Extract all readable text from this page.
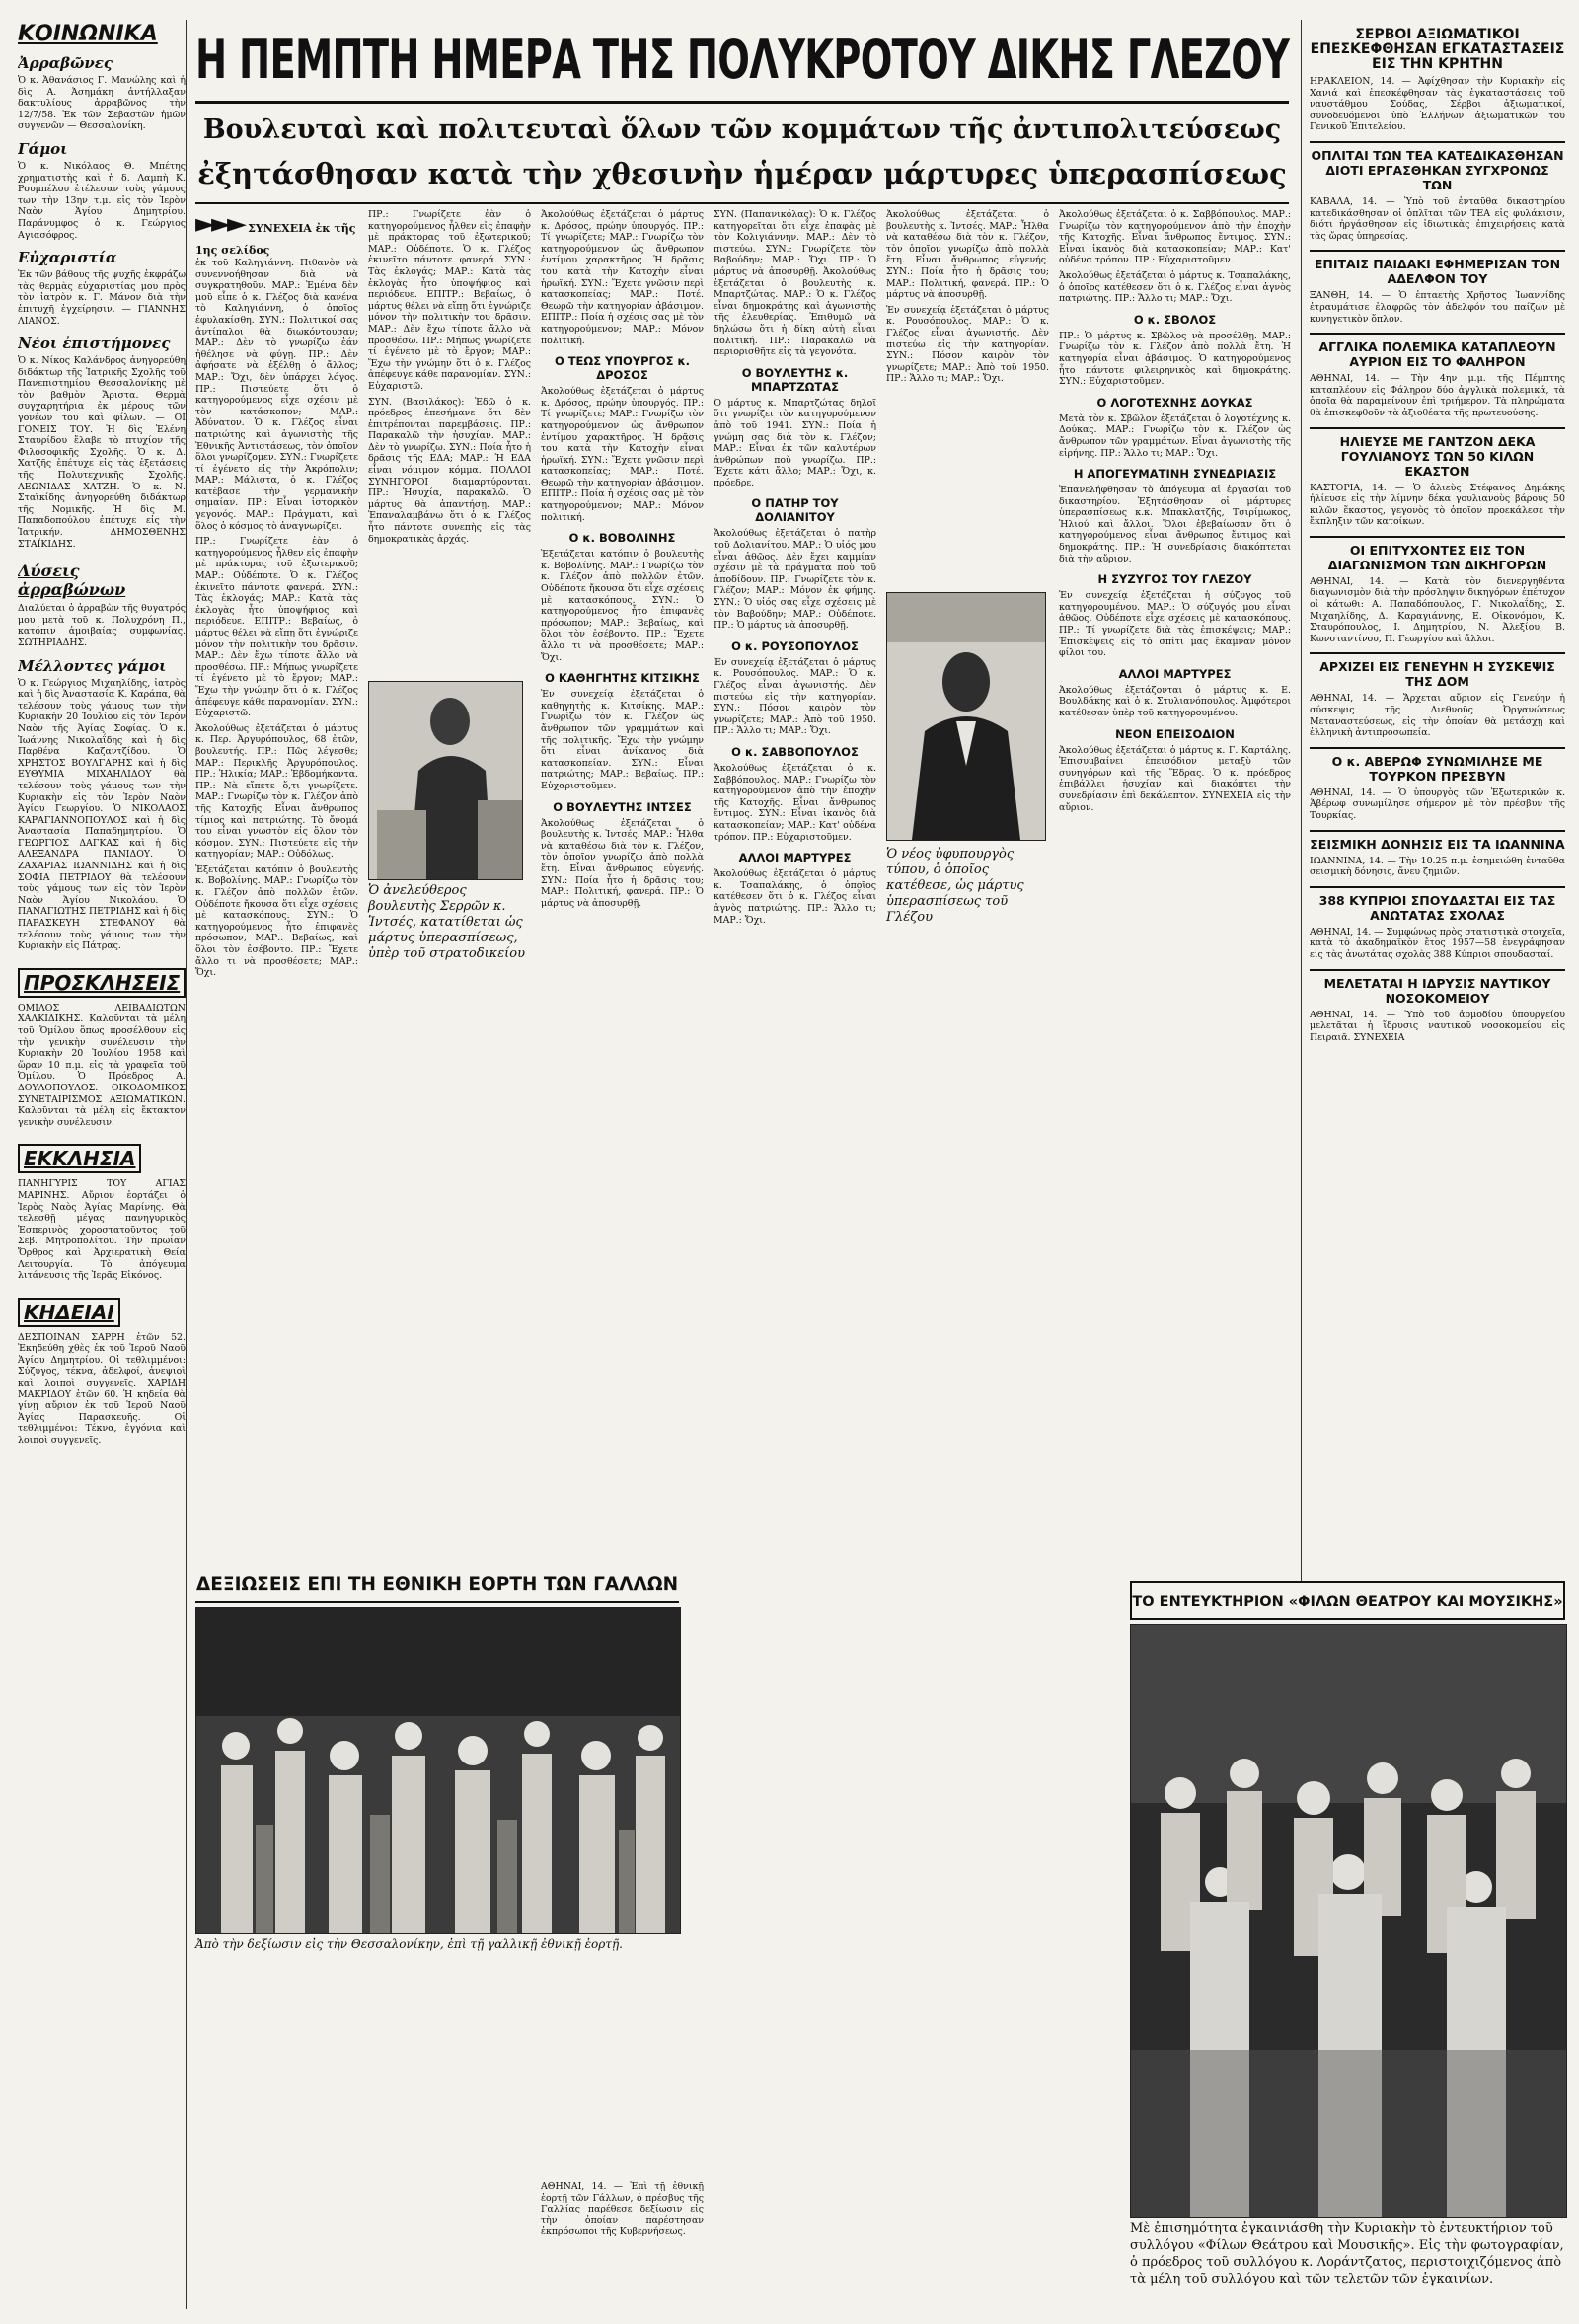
ΚΟΙΝΩΝΙΚΑ
Ἀρραβῶνες

Ὁ κ. Ἀθανάσιος Γ. Μανώλης καὶ ἡ δὶς Α. Ἀσημάκη ἀντήλλαξαν δακτυλίους ἀρραβῶνος τὴν 12/7/58. Ἐκ τῶν Σεβαστῶν ἡμῶν συγγενῶν — Θεσσαλονίκη.

Γάμοι

Ὁ κ. Νικόλαος Θ. Μπέτης χρηματιστὴς καὶ ἡ δ. Λαμπὴ Κ. Ρουμπέλου ἐτέλεσαν τοὺς γάμους των τὴν 13ην τ.μ. εἰς τὸν Ἱερὸν Ναὸν Ἁγίου Δημητρίου. Παράνυμφος ὁ κ. Γεώργιος Αγιασόφρος.

Εὐχαριστία

Ἐκ τῶν βάθους τῆς ψυχῆς ἐκφράζω τὰς θερμὰς εὐχαριστίας μου πρὸς τὸν ἰατρὸν κ. Γ. Μάνον διὰ τὴν ἐπιτυχῆ ἐγχείρησιν. — ΓΙΑΝΝΗΣ ΛΙΑΝΟΣ.

Νέοι ἐπιστήμονες

Ὁ κ. Νίκος Καλάνδρος ἀνηγορεύθη διδάκτωρ τῆς Ἰατρικῆς Σχολῆς τοῦ Πανεπιστημίου Θεσσαλονίκης μὲ τὸν βαθμὸν Ἄριστα. Θερμὰ συγχαρητήρια ἐκ μέρους τῶν γονέων του καὶ φίλων. — ΟΙ ΓΟΝΕΙΣ ΤΟΥ. Ἡ δὶς Ἐλένη Σταυρίδου ἔλαβε τὸ πτυχίον τῆς Φιλοσοφικῆς Σχολῆς. Ὁ κ. Δ. Χατζῆς ἐπέτυχε εἰς τὰς ἐξετάσεις τῆς Πολυτεχνικῆς Σχολῆς. ΛΕΩΝΙΔΑΣ ΧΑΤΖΗ. Ὁ κ. Ν. Σταϊκίδης ἀνηγορεύθη διδάκτωρ τῆς Νομικῆς. Ἡ δὶς Μ. Παπαδοπούλου ἐπέτυχε εἰς τὴν Ἰατρικήν. ΔΗΜΟΣΘΕΝΗΣ ΣΤΑΪΚΙΔΗΣ.

Λύσεις ἀρραβώνων

Διαλύεται ὁ ἀρραβὼν τῆς θυγατρός μου μετὰ τοῦ κ. Πολυχρόνη Π., κατόπιν ἀμοιβαίας συμφωνίας. ΣΩΤΗΡΙΑΔΗΣ.

Μέλλοντες γάμοι

Ὁ κ. Γεώργιος Μιχαηλίδης, ἰατρὸς καὶ ἡ δὶς Ἀναστασία Κ. Καράπα, θὰ τελέσουν τοὺς γάμους των τὴν Κυριακὴν 20 Ἰουλίου εἰς τὸν Ἱερὸν Ναὸν τῆς Ἁγίας Σοφίας. Ὁ κ. Ἰωάννης Νικολαΐδης καὶ ἡ δὶς Παρθένα Καζαντζίδου. Ὁ ΧΡΗΣΤΟΣ ΒΟΥΛΓΑΡΗΣ καὶ ἡ δὶς ΕΥΘΥΜΙΑ ΜΙΧΑΗΛΙΔΟΥ θὰ τελέσουν τοὺς γάμους των τὴν Κυριακὴν εἰς τὸν Ἱερὸν Ναὸν Ἁγίου Γεωργίου. Ὁ ΝΙΚΟΛΑΟΣ ΚΑΡΑΓΙΑΝΝΟΠΟΥΛΟΣ καὶ ἡ δὶς Ἀναστασία Παπαδημητρίου. Ὁ ΓΕΩΡΓΙΟΣ ΔΑΓΚΑΣ καὶ ἡ δὶς ΑΛΕΞΑΝΔΡΑ ΠΑΝΙΔΟΥ. Ὁ ΖΑΧΑΡΙΑΣ ΙΩΑΝΝΙΔΗΣ καὶ ἡ δὶς ΣΟΦΙΑ ΠΕΤΡΙΔΟΥ θὰ τελέσουν τοὺς γάμους των εἰς τὸν Ἱερὸν Ναὸν Ἁγίου Νικολάου. Ὁ ΠΑΝΑΓΙΩΤΗΣ ΠΕΤΡΙΔΗΣ καὶ ἡ δὶς ΠΑΡΑΣΚΕΥΗ ΣΤΕΦΑΝΟΥ θὰ τελέσουν τοὺς γάμους των τὴν Κυριακὴν εἰς Πάτρας.

ΠΡΟΣΚΛΗΣΕΙΣ

ΟΜΙΛΟΣ ΛΕΙΒΑΔΙΩΤΩΝ ΧΑΛΚΙΔΙΚΗΣ. Καλοῦνται τὰ μέλη τοῦ Ὁμίλου ὅπως προσέλθουν εἰς τὴν γενικὴν συνέλευσιν τὴν Κυριακὴν 20 Ἰουλίου 1958 καὶ ὥραν 10 π.μ. εἰς τὰ γραφεῖα τοῦ Ὁμίλου. Ὁ Πρόεδρος Α. ΔΟΥΛΟΠΟΥΛΟΣ. ΟΙΚΟΔΟΜΙΚΟΣ ΣΥΝΕΤΑΙΡΙΣΜΟΣ ΑΞΙΩΜΑΤΙΚΩΝ. Καλοῦνται τὰ μέλη εἰς ἔκτακτον γενικὴν συνέλευσιν.

ΕΚΚΛΗΣΙΑ

ΠΑΝΗΓΥΡΙΣ ΤΟΥ ΑΓΙΑΣ ΜΑΡΙΝΗΣ. Αὔριον ἑορτάζει ὁ Ἱερὸς Ναὸς Ἁγίας Μαρίνης. Θὰ τελεσθῇ μέγας πανηγυρικὸς Ἑσπερινὸς χοροστατοῦντος τοῦ Σεβ. Μητροπολίτου. Τὴν πρωΐαν Ὄρθρος καὶ Ἀρχιερατικὴ Θεία Λειτουργία. Τὸ ἀπόγευμα λιτάνευσις τῆς Ἱερᾶς Εἰκόνος.

ΚΗΔΕΙΑΙ

ΔΕΣΠΟΙΝΑΝ ΣΑΡΡΗ ἐτῶν 52. Ἐκηδεύθη χθὲς ἐκ τοῦ Ἱεροῦ Ναοῦ Ἁγίου Δημητρίου. Οἱ τεθλιμμένοι: Σύζυγος, τέκνα, ἀδελφοί, ἀνεψιοὶ καὶ λοιποὶ συγγενεῖς. ΧΑΡΙΔΗ ΜΑΚΡΙΔΟΥ ἐτῶν 60. Ἡ κηδεία θὰ γίνῃ αὔριον ἐκ τοῦ Ἱεροῦ Ναοῦ Ἁγίας Παρασκευῆς. Οἱ τεθλιμμένοι: Τέκνα, ἐγγόνια καὶ λοιποὶ συγγενεῖς.

Η ΠΕΜΠΤΗ ΗΜΕΡΑ ΤΗΣ ΠΟΛΥΚΡΟΤΟΥ ΔΙΚΗΣ ΓΛΕΖΟΥ
Βουλευταὶ καὶ πολιτευταὶ ὅλων τῶν κομμάτων τῆς ἀντιπολιτεύσεως
ἐξητάσθησαν κατὰ τὴν χθεσινὴν ἡμέραν μάρτυρες ὑπερασπίσεως
►►► ΣΥΝΕΧΕΙΑ ἐκ τῆς 1ης σελίδος

ἐκ τοῦ Καληγιάννη. Πιθανὸν νὰ συνεννοήθησαν διὰ νὰ συγκρατηθοῦν. ΜΑΡ.: Ἐμένα δὲν μοῦ εἶπε ὁ κ. Γλέζος διὰ κανένα τὸ Καληγιάννη, ὁ ὁποῖος ἐφυλακίσθη. ΣΥΝ.: Πολιτικοί σας ἀντίπαλοι θὰ διωκόντουσαν; ΜΑΡ.: Δὲν τὸ γνωρίζω ἐάν ἠθέλησε νὰ φύγῃ. ΠΡ.: Δὲν ἀφήσατε νὰ ἐξέλθῃ ὁ ἄλλος; ΜΑΡ.: Ὄχι, δὲν ὑπάρχει λόγος. ΠΡ.: Πιστεύετε ὅτι ὁ κατηγορούμενος εἶχε σχέσιν μὲ τὸν κατάσκοπον; ΜΑΡ.: Ἀδύνατον. Ὁ κ. Γλέζος εἶναι πατριώτης καὶ ἀγωνιστὴς τῆς Ἐθνικῆς Ἀντιστάσεως, τὸν ὁποῖον ὅλοι γνωρίζομεν. ΣΥΝ.: Γνωρίζετε τί ἐγένετο εἰς τὴν Ἀκρόπολιν; ΜΑΡ.: Μάλιστα, ὁ κ. Γλέζος κατέβασε τὴν γερμανικὴν σημαίαν. ΠΡ.: Εἶναι ἱστορικὸν γεγονός. ΜΑΡ.: Πράγματι, καὶ ὅλος ὁ κόσμος τὸ ἀναγνωρίζει.

ΠΡ.: Γνωρίζετε ἐὰν ὁ κατηγορούμενος ἦλθεν εἰς ἐπαφὴν μὲ πράκτορας τοῦ ἐξωτερικοῦ; ΜΑΡ.: Οὐδέποτε. Ὁ κ. Γλέζος ἐκινεῖτο πάντοτε φανερά. ΣΥΝ.: Τὰς ἐκλογάς; ΜΑΡ.: Κατὰ τὰς ἐκλογὰς ἦτο ὑποψήφιος καὶ περιόδευε. ΕΠΙΤΡ.: Βεβαίως, ὁ μάρτυς θέλει νὰ εἴπῃ ὅτι ἐγνώριζε μόνον τὴν πολιτικὴν του δρᾶσιν. ΜΑΡ.: Δὲν ἔχω τίποτε ἄλλο νὰ προσθέσω. ΠΡ.: Μήπως γνωρίζετε τί ἐγένετο μὲ τὸ ἔργον; ΜΑΡ.: Ἔχω τὴν γνώμην ὅτι ὁ κ. Γλέζος ἀπέφευγε κάθε παρανομίαν. ΣΥΝ.: Εὐχαριστῶ.

Ἀκολούθως ἐξετάζεται ὁ μάρτυς κ. Περ. Ἀργυρόπουλος, 68 ἐτῶν, βουλευτής. ΠΡ.: Πῶς λέγεσθε; ΜΑΡ.: Περικλῆς Ἀργυρόπουλος. ΠΡ.: Ἡλικία; ΜΑΡ.: Ἑβδομήκοντα. ΠΡ.: Νὰ εἴπετε ὅ,τι γνωρίζετε. ΜΑΡ.: Γνωρίζω τὸν κ. Γλέζον ἀπὸ τῆς Κατοχῆς. Εἶναι ἄνθρωπος τίμιος καὶ πατριώτης. Τὸ ὄνομά του εἶναι γνωστὸν εἰς ὅλον τὸν κόσμον. ΣΥΝ.: Πιστεύετε εἰς τὴν κατηγορίαν; ΜΑΡ.: Οὐδόλως.

Ἐξετάζεται κατόπιν ὁ βουλευτὴς κ. Βοβολίνης. ΜΑΡ.: Γνωρίζω τὸν κ. Γλέζον ἀπὸ πολλῶν ἐτῶν. Οὐδέποτε ἤκουσα ὅτι εἶχε σχέσεις μὲ κατασκόπους. ΣΥΝ.: Ὁ κατηγορούμενος ἦτο ἐπιφανὲς πρόσωπον; ΜΑΡ.: Βεβαίως, καὶ ὅλοι τὸν ἐσέβοντο. ΠΡ.: Ἔχετε ἄλλο τι νὰ προσθέσετε; ΜΑΡ.: Ὄχι.

ΠΡ.: Γνωρίζετε ἐὰν ὁ κατηγορούμενος ἦλθεν εἰς ἐπαφὴν μὲ πράκτορας τοῦ ἐξωτερικοῦ; ΜΑΡ.: Οὐδέποτε. Ὁ κ. Γλέζος ἐκινεῖτο πάντοτε φανερά. ΣΥΝ.: Τὰς ἐκλογάς; ΜΑΡ.: Κατὰ τὰς ἐκλογὰς ἦτο ὑποψήφιος καὶ περιόδευε. ΕΠΙΤΡ.: Βεβαίως, ὁ μάρτυς θέλει νὰ εἴπῃ ὅτι ἐγνώριζε μόνον τὴν πολιτικὴν του δρᾶσιν. ΜΑΡ.: Δὲν ἔχω τίποτε ἄλλο νὰ προσθέσω. ΠΡ.: Μήπως γνωρίζετε τί ἐγένετο μὲ τὸ ἔργον; ΜΑΡ.: Ἔχω τὴν γνώμην ὅτι ὁ κ. Γλέζος ἀπέφευγε κάθε παρανομίαν. ΣΥΝ.: Εὐχαριστῶ.

ΣΥΝ. (Βασιλάκος): Ἐδῶ ὁ κ. πρόεδρος ἐπεσήμανε ὅτι δὲν ἐπιτρέπονται παρεμβάσεις. ΠΡ.: Παρακαλῶ τὴν ἡσυχίαν. ΜΑΡ.: Δὲν τὸ γνωρίζω. ΣΥΝ.: Ποία ἦτο ἡ δρᾶσις τῆς ΕΔΑ; ΜΑΡ.: Ἡ ΕΔΑ εἶναι νόμιμον κόμμα. ΠΟΛΛΟΙ ΣΥΝΗΓΟΡΟΙ διαμαρτύρονται. ΠΡ.: Ἡσυχία, παρακαλῶ. Ὁ μάρτυς θὰ ἀπαντήσῃ. ΜΑΡ.: Ἐπαναλαμβάνω ὅτι ὁ κ. Γλέζος ἦτο πάντοτε συνεπὴς εἰς τὰς δημοκρατικὰς ἀρχάς.

Ἀκολούθως ἐξετάζεται ὁ μάρτυς κ. Δρόσος, πρώην ὑπουργός. ΠΡ.: Τί γνωρίζετε; ΜΑΡ.: Γνωρίζω τὸν κατηγορούμενον ὡς ἄνθρωπον ἐντίμου χαρακτῆρος. Ἡ δρᾶσις του κατὰ τὴν Κατοχὴν εἶναι ἡρωϊκή. ΣΥΝ.: Ἔχετε γνῶσιν περὶ κατασκοπείας; ΜΑΡ.: Ποτέ. Θεωρῶ τὴν κατηγορίαν ἀβάσιμον. ΕΠΙΤΡ.: Ποία ἡ σχέσις σας μὲ τὸν κατηγορούμενον; ΜΑΡ.: Μόνον πολιτική.

Ο ΤΕΩΣ ΥΠΟΥΡΓΟΣ κ. ΔΡΟΣΟΣ

Ἀκολούθως ἐξετάζεται ὁ μάρτυς κ. Δρόσος, πρώην ὑπουργός. ΠΡ.: Τί γνωρίζετε; ΜΑΡ.: Γνωρίζω τὸν κατηγορούμενον ὡς ἄνθρωπον ἐντίμου χαρακτῆρος. Ἡ δρᾶσις του κατὰ τὴν Κατοχὴν εἶναι ἡρωϊκή. ΣΥΝ.: Ἔχετε γνῶσιν περὶ κατασκοπείας; ΜΑΡ.: Ποτέ. Θεωρῶ τὴν κατηγορίαν ἀβάσιμον. ΕΠΙΤΡ.: Ποία ἡ σχέσις σας μὲ τὸν κατηγορούμενον; ΜΑΡ.: Μόνον πολιτική.

Ο κ. ΒΟΒΟΛΙΝΗΣ

Ἐξετάζεται κατόπιν ὁ βουλευτὴς κ. Βοβολίνης. ΜΑΡ.: Γνωρίζω τὸν κ. Γλέζον ἀπὸ πολλῶν ἐτῶν. Οὐδέποτε ἤκουσα ὅτι εἶχε σχέσεις μὲ κατασκόπους. ΣΥΝ.: Ὁ κατηγορούμενος ἦτο ἐπιφανὲς πρόσωπον; ΜΑΡ.: Βεβαίως, καὶ ὅλοι τὸν ἐσέβοντο. ΠΡ.: Ἔχετε ἄλλο τι νὰ προσθέσετε; ΜΑΡ.: Ὄχι.

Ο ΚΑΘΗΓΗΤΗΣ ΚΙΤΣΙΚΗΣ

Ἐν συνεχείᾳ ἐξετάζεται ὁ καθηγητὴς κ. Κιτσίκης. ΜΑΡ.: Γνωρίζω τὸν κ. Γλέζον ὡς ἄνθρωπον τῶν γραμμάτων καὶ τῆς πολιτικῆς. Ἔχω τὴν γνώμην ὅτι εἶναι ἀνίκανος διὰ κατασκοπείαν. ΣΥΝ.: Εἶναι πατριώτης; ΜΑΡ.: Βεβαίως. ΠΡ.: Εὐχαριστοῦμεν.

Ο ΒΟΥΛΕΥΤΗΣ ΙΝΤΣΕΣ

Ἀκολούθως ἐξετάζεται ὁ βουλευτὴς κ. Ἰντσές. ΜΑΡ.: Ἦλθα νὰ καταθέσω διὰ τὸν κ. Γλέζον, τὸν ὁποῖον γνωρίζω ἀπὸ πολλὰ ἔτη. Εἶναι ἄνθρωπος εὐγενής. ΣΥΝ.: Ποία ἦτο ἡ δρᾶσις του; ΜΑΡ.: Πολιτική, φανερά. ΠΡ.: Ὁ μάρτυς νὰ ἀποσυρθῇ.

ΣΥΝ. (Παπανικόλας): Ὁ κ. Γλέζος κατηγορεῖται ὅτι εἶχε ἐπαφὰς μὲ τὸν Κολιγιάννην. ΜΑΡ.: Δὲν τὸ πιστεύω. ΣΥΝ.: Γνωρίζετε τὸν Βαβούδην; ΜΑΡ.: Ὄχι. ΠΡ.: Ὁ μάρτυς νὰ ἀποσυρθῇ. Ἀκολούθως ἐξετάζεται ὁ βουλευτὴς κ. Μπαρτζώτας. ΜΑΡ.: Ὁ κ. Γλέζος εἶναι δημοκράτης καὶ ἀγωνιστὴς τῆς ἐλευθερίας. Ἐπιθυμῶ νὰ δηλώσω ὅτι ἡ δίκη αὐτὴ εἶναι πολιτική. ΠΡ.: Παρακαλῶ νὰ περιορισθῆτε εἰς τὰ γεγονότα.

Ο ΒΟΥΛΕΥΤΗΣ κ. ΜΠΑΡΤΖΩΤΑΣ

Ὁ μάρτυς κ. Μπαρτζώτας δηλοῖ ὅτι γνωρίζει τὸν κατηγορούμενον ἀπὸ τοῦ 1941. ΣΥΝ.: Ποία ἡ γνώμη σας διὰ τὸν κ. Γλέζον; ΜΑΡ.: Εἶναι ἐκ τῶν καλυτέρων ἀνθρώπων ποὺ γνωρίζω. ΠΡ.: Ἔχετε κάτι ἄλλο; ΜΑΡ.: Ὄχι, κ. πρόεδρε.

Ο ΠΑΤΗΡ ΤΟΥ ΔΟΛΙΑΝΙΤΟΥ

Ἀκολούθως ἐξετάζεται ὁ πατὴρ τοῦ Δολιανίτου. ΜΑΡ.: Ὁ υἱός μου εἶναι ἀθῶος. Δὲν ἔχει καμμίαν σχέσιν μὲ τὰ πράγματα ποὺ τοῦ ἀποδίδουν. ΠΡ.: Γνωρίζετε τὸν κ. Γλέζον; ΜΑΡ.: Μόνον ἐκ φήμης. ΣΥΝ.: Ὁ υἱός σας εἶχε σχέσεις μὲ τὸν Βαβούδην; ΜΑΡ.: Οὐδέποτε. ΠΡ.: Ὁ μάρτυς νὰ ἀποσυρθῇ.

Ο κ. ΡΟΥΣΟΠΟΥΛΟΣ

Ἐν συνεχείᾳ ἐξετάζεται ὁ μάρτυς κ. Ρουσόπουλος. ΜΑΡ.: Ὁ κ. Γλέζος εἶναι ἀγωνιστής. Δὲν πιστεύω εἰς τὴν κατηγορίαν. ΣΥΝ.: Πόσον καιρὸν τὸν γνωρίζετε; ΜΑΡ.: Ἀπὸ τοῦ 1950. ΠΡ.: Ἄλλο τι; ΜΑΡ.: Ὄχι.

Ο κ. ΣΑΒΒΟΠΟΥΛΟΣ

Ἀκολούθως ἐξετάζεται ὁ κ. Σαββόπουλος. ΜΑΡ.: Γνωρίζω τὸν κατηγορούμενον ἀπὸ τὴν ἐποχὴν τῆς Κατοχῆς. Εἶναι ἄνθρωπος ἔντιμος. ΣΥΝ.: Εἶναι ἱκανὸς διὰ κατασκοπείαν; ΜΑΡ.: Κατ' οὐδένα τρόπον. ΠΡ.: Εὐχαριστοῦμεν.

ΑΛΛΟΙ ΜΑΡΤΥΡΕΣ

Ἀκολούθως ἐξετάζεται ὁ μάρτυς κ. Τσαπαλάκης, ὁ ὁποῖος κατέθεσεν ὅτι ὁ κ. Γλέζος εἶναι ἀγνὸς πατριώτης. ΠΡ.: Ἄλλο τι; ΜΑΡ.: Ὄχι.

Ἀκολούθως ἐξετάζεται ὁ βουλευτὴς κ. Ἰντσές. ΜΑΡ.: Ἦλθα νὰ καταθέσω διὰ τὸν κ. Γλέζον, τὸν ὁποῖον γνωρίζω ἀπὸ πολλὰ ἔτη. Εἶναι ἄνθρωπος εὐγενής. ΣΥΝ.: Ποία ἦτο ἡ δρᾶσις του; ΜΑΡ.: Πολιτική, φανερά. ΠΡ.: Ὁ μάρτυς νὰ ἀποσυρθῇ.

Ἐν συνεχείᾳ ἐξετάζεται ὁ μάρτυς κ. Ρουσόπουλος. ΜΑΡ.: Ὁ κ. Γλέζος εἶναι ἀγωνιστής. Δὲν πιστεύω εἰς τὴν κατηγορίαν. ΣΥΝ.: Πόσον καιρὸν τὸν γνωρίζετε; ΜΑΡ.: Ἀπὸ τοῦ 1950. ΠΡ.: Ἄλλο τι; ΜΑΡ.: Ὄχι.

Ἀκολούθως ἐξετάζεται ὁ κ. Σαββόπουλος. ΜΑΡ.: Γνωρίζω τὸν κατηγορούμενον ἀπὸ τὴν ἐποχὴν τῆς Κατοχῆς. Εἶναι ἄνθρωπος ἔντιμος. ΣΥΝ.: Εἶναι ἱκανὸς διὰ κατασκοπείαν; ΜΑΡ.: Κατ' οὐδένα τρόπον. ΠΡ.: Εὐχαριστοῦμεν.

Ἀκολούθως ἐξετάζεται ὁ μάρτυς κ. Τσαπαλάκης, ὁ ὁποῖος κατέθεσεν ὅτι ὁ κ. Γλέζος εἶναι ἀγνὸς πατριώτης. ΠΡ.: Ἄλλο τι; ΜΑΡ.: Ὄχι.

Ο κ. ΣΒΟΛΟΣ

ΠΡ.: Ὁ μάρτυς κ. Σβῶλος νὰ προσέλθῃ. ΜΑΡ.: Γνωρίζω τὸν κ. Γλέζον ἀπὸ πολλὰ ἔτη. Ἡ κατηγορία εἶναι ἀβάσιμος. Ὁ κατηγορούμενος ἦτο πάντοτε φιλειρηνικὸς καὶ δημοκράτης. ΣΥΝ.: Εὐχαριστοῦμεν.

Ο ΛΟΓΟΤΕΧΝΗΣ ΔΟΥΚΑΣ

Μετὰ τὸν κ. Σβῶλον ἐξετάζεται ὁ λογοτέχνης κ. Δούκας. ΜΑΡ.: Γνωρίζω τὸν κ. Γλέζον ὡς ἄνθρωπον τῶν γραμμάτων. Εἶναι ἀγωνιστὴς τῆς εἰρήνης. ΠΡ.: Ἄλλο τι; ΜΑΡ.: Ὄχι.

Η ΑΠΟΓΕΥΜΑΤΙΝΗ ΣΥΝΕΔΡΙΑΣΙΣ

Ἐπανελήφθησαν τὸ ἀπόγευμα αἱ ἐργασίαι τοῦ δικαστηρίου. Ἐξητάσθησαν οἱ μάρτυρες ὑπερασπίσεως κ.κ. Μπακλατζῆς, Τσιρίμωκος, Ἠλιού καὶ ἄλλοι. Ὅλοι ἐβεβαίωσαν ὅτι ὁ κατηγορούμενος εἶναι ἄνθρωπος ἔντιμος καὶ δημοκράτης. ΠΡ.: Ἡ συνεδρίασις διακόπτεται διὰ τὴν αὔριον.

Η ΣΥΖΥΓΟΣ ΤΟΥ ΓΛΕΖΟΥ

Ἐν συνεχείᾳ ἐξετάζεται ἡ σύζυγος τοῦ κατηγορουμένου. ΜΑΡ.: Ὁ σύζυγός μου εἶναι ἀθῶος. Οὐδέποτε εἶχε σχέσεις μὲ κατασκόπους. ΠΡ.: Τί γνωρίζετε διὰ τὰς ἐπισκέψεις; ΜΑΡ.: Ἐπισκέψεις εἰς τὸ σπίτι μας ἔκαμναν μόνον φίλοι του.

ΑΛΛΟΙ ΜΑΡΤΥΡΕΣ

Ἀκολούθως ἐξετάζονται ὁ μάρτυς κ. Ε. Βουλδάκης καὶ ὁ κ. Στυλιανόπουλος. Ἀμφότεροι κατέθεσαν ὑπὲρ τοῦ κατηγορουμένου.

ΝΕΟΝ ΕΠΕΙΣΟΔΙΟΝ

Ἀκολούθως ἐξετάζεται ὁ μάρτυς κ. Γ. Καρτάλης. Ἐπισυμβαίνει ἐπεισόδιον μεταξὺ τῶν συνηγόρων καὶ τῆς Ἕδρας. Ὁ κ. πρόεδρος ἐπιβάλλει ἡσυχίαν καὶ διακόπτει τὴν συνεδρίασιν ἐπὶ δεκάλεπτον. ΣΥΝΕΧΕΙΑ εἰς τὴν αὔριον.

Ὁ ἀνελεύθερος βουλευτὴς Σερρῶν κ. Ἰντσές, κατατίθεται ὡς μάρτυς ὑπερασπίσεως, ὑπὲρ τοῦ στρατοδικείου
Ὁ νέος ὑφυπουργὸς τύπου, ὁ ὁποῖος κατέθεσε, ὡς μάρτυς ὑπερασπίσεως τοῦ Γλέζου
ΔΕΞΙΩΣΕΙΣ ΕΠΙ ΤΗ ΕΘΝΙΚΗ ΕΟΡΤΗ ΤΩΝ ΓΑΛΛΩΝ
Ἀπὸ τὴν δεξίωσιν εἰς τὴν Θεσσαλονίκην, ἐπὶ τῇ γαλλικῇ ἐθνικῇ ἑορτῇ.

ΑΘΗΝΑΙ, 14. — Ἐπὶ τῇ ἐθνικῇ ἑορτῇ τῶν Γάλλων, ὁ πρέσβυς τῆς Γαλλίας παρέθεσε δεξίωσιν εἰς τὴν ὁποίαν παρέστησαν ἐκπρόσωποι τῆς Κυβερνήσεως.

ΣΕΡΒΟΙ ΑΞΙΩΜΑΤΙΚΟΙ ΕΠΕΣΚΕΦΘΗΣΑΝ ΕΓΚΑΤΑΣΤΑΣΕΙΣ ΕΙΣ ΤΗΝ ΚΡΗΤΗΝ

ΗΡΑΚΛΕΙΟΝ, 14. — Ἀφίχθησαν τὴν Κυριακὴν εἰς Χανιά καὶ ἐπεσκέφθησαν τὰς ἐγκαταστάσεις τοῦ ναυστάθμου Σούδας, Σέρβοι ἀξιωματικοί, συνοδευόμενοι ὑπὸ Ἑλλήνων ἀξιωματικῶν τοῦ Γενικοῦ Ἐπιτελείου.

ΟΠΛΙΤΑΙ ΤΩΝ ΤΕΑ ΚΑΤΕΔΙΚΑΣΘΗΣΑΝ ΔΙΟΤΙ ΕΡΓΑΣΘΗΚΑΝ ΣΥΓΧΡΟΝΩΣ ΤΩΝ

ΚΑΒΑΛΑ, 14. — Ὑπὸ τοῦ ἐνταῦθα δικαστηρίου κατεδικάσθησαν οἱ ὁπλῖται τῶν ΤΕΑ εἰς φυλάκισιν, διότι ἠργάσθησαν εἰς ἰδιωτικὰς ἐπιχειρήσεις κατὰ τὰς ὥρας ὑπηρεσίας.

ΕΠΙΤΑΙΣ ΠΑΙΔΑΚΙ ΕΦΗΜΕΡΙΣΑΝ ΤΟΝ ΑΔΕΛΦΟΝ ΤΟΥ

ΞΑΝΘΗ, 14. — Ὁ ἑπταετὴς Χρῆστος Ἰωαννίδης ἐτραυμάτισε ἐλαφρῶς τὸν ἀδελφόν του παίζων μὲ κυνηγετικὸν ὅπλον.

ΑΓΓΛΙΚΑ ΠΟΛΕΜΙΚΑ ΚΑΤΑΠΛΕΟΥΝ ΑΥΡΙΟΝ ΕΙΣ ΤΟ ΦΑΛΗΡΟΝ

ΑΘΗΝΑΙ, 14. — Τὴν 4ην μ.μ. τῆς Πέμπτης καταπλέουν εἰς Φάληρον δύο ἀγγλικὰ πολεμικά, τὰ ὁποῖα θὰ παραμείνουν ἐπὶ τριήμερον. Τὰ πληρώματα θὰ ἐπισκεφθοῦν τὰ ἀξιοθέατα τῆς πρωτευούσης.

ΗΛΙΕΥΣΕ ΜΕ ΓΑΝΤΖΟΝ ΔΕΚΑ ΓΟΥΛΙΑΝΟΥΣ ΤΩΝ 50 ΚΙΛΩΝ ΕΚΑΣΤΟΝ

ΚΑΣΤΟΡΙΑ, 14. — Ὁ ἁλιεὺς Στέφανος Δημάκης ἠλίευσε εἰς τὴν λίμνην δέκα γουλιανοὺς βάρους 50 κιλῶν ἕκαστος, γεγονὸς τὸ ὁποῖον προεκάλεσε τὴν ἔκπληξιν τῶν κατοίκων.

ΟΙ ΕΠΙΤΥΧΟΝΤΕΣ ΕΙΣ ΤΟΝ ΔΙΑΓΩΝΙΣΜΟΝ ΤΩΝ ΔΙΚΗΓΟΡΩΝ

ΑΘΗΝΑΙ, 14. — Κατὰ τὸν διενεργηθέντα διαγωνισμὸν διὰ τὴν πρόσληψιν δικηγόρων ἐπέτυχον οἱ κάτωθι: Α. Παπαδόπουλος, Γ. Νικολαΐδης, Σ. Μιχαηλίδης, Δ. Καραγιάννης, Ε. Οἰκονόμου, Κ. Σταυρόπουλος, Ι. Δημητρίου, Ν. Ἀλεξίου, Β. Κωνσταντίνου, Π. Γεωργίου καὶ ἄλλοι.

ΑΡΧΙΖΕΙ ΕΙΣ ΓΕΝΕΥΗΝ Η ΣΥΣΚΕΨΙΣ ΤΗΣ ΔΟΜ

ΑΘΗΝΑΙ, 14. — Ἄρχεται αὔριον εἰς Γενεύην ἡ σύσκεψις τῆς Διεθνοῦς Ὀργανώσεως Μεταναστεύσεως, εἰς τὴν ὁποίαν θὰ μετάσχῃ καὶ ἑλληνικὴ ἀντιπροσωπεία.

Ο κ. ΑΒΕΡΩΦ ΣΥΝΩΜΙΛΗΣΕ ΜΕ ΤΟΥΡΚΟΝ ΠΡΕΣΒΥΝ

ΑΘΗΝΑΙ, 14. — Ὁ ὑπουργὸς τῶν Ἐξωτερικῶν κ. Ἀβέρωφ συνωμίλησε σήμερον μὲ τὸν πρέσβυν τῆς Τουρκίας.

ΣΕΙΣΜΙΚΗ ΔΟΝΗΣΙΣ ΕΙΣ ΤΑ ΙΩΑΝΝΙΝΑ

ΙΩΑΝΝΙΝΑ, 14. — Τὴν 10.25 π.μ. ἐσημειώθη ἐνταῦθα σεισμικὴ δόνησις, ἄνευ ζημιῶν.

388 ΚΥΠΡΙΟΙ ΣΠΟΥΔΑΣΤΑΙ ΕΙΣ ΤΑΣ ΑΝΩΤΑΤΑΣ ΣΧΟΛΑΣ

ΑΘΗΝΑΙ, 14. — Συμφώνως πρὸς στατιστικὰ στοιχεῖα, κατὰ τὸ ἀκαδημαϊκὸν ἔτος 1957—58 ἐνεγράφησαν εἰς τὰς ἀνωτάτας σχολὰς 388 Κύπριοι σπουδασταί.

ΜΕΛΕΤΑΤΑΙ Η ΙΔΡΥΣΙΣ ΝΑΥΤΙΚΟΥ ΝΟΣΟΚΟΜΕΙΟΥ

ΑΘΗΝΑΙ, 14. — Ὑπὸ τοῦ ἁρμοδίου ὑπουργείου μελετᾶται ἡ ἵδρυσις ναυτικοῦ νοσοκομείου εἰς Πειραιᾶ. ΣΥΝΕΧΕΙΑ

ΤΟ ΕΝΤΕΥΚΤΗΡΙΟΝ «ΦΙΛΩΝ ΘΕΑΤΡΟΥ ΚΑΙ ΜΟΥΣΙΚΗΣ»
Μὲ ἐπισημότητα ἐγκαινιάσθη τὴν Κυριακὴν τὸ ἐντευκτήριον τοῦ συλλόγου «Φίλων Θεάτρου καὶ Μουσικῆς». Εἰς τὴν φωτογραφίαν, ὁ πρόεδρος τοῦ συλλόγου κ. Λοράντζατος, περιστοιχιζόμενος ἀπὸ τὰ μέλη τοῦ συλλόγου καὶ τῶν τελετῶν τῶν ἐγκαινίων.
